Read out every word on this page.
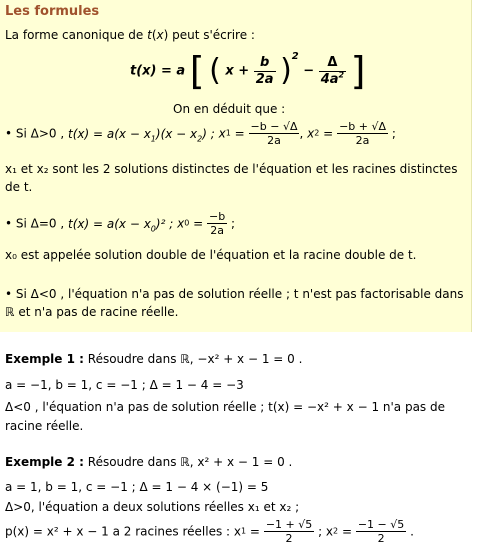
Les formules
La forme canonique de t(x) peut s'écrire :
t(x) = a [ ( $x + \frac{b}{2a} )^2 - \frac{\Delta}{4a^2}$ ]
On en déduit que :
• Si Δ>0 , $t(x) = a(x - x_1)(x - x_2)$ ; $x1 = \frac{-b - √\Delta}{2a}$ , $x2 = \frac{-b + √\Delta}{2a}$ ;
x₁ et x₂ sont les 2 solutions distinctes de l'équation et les racines distinctes de t.
• Si Δ=0 , $t(x) = a(x - x_0)^2$ ; $x0 = \frac{-b}{2a}$ ;
x₀ est appelée solution double de l'équation et la racine double de t.
• Si Δ<0 , l'équation n'a pas de solution réelle ; t n'est pas factorisable dans ℝ et n'a pas de racine réelle.
Exemple 1 : Résoudre dans ℝ, −x² + x − 1 = 0 .
a = −1, b = 1, c = −1 ; Δ = 1 − 4 = −3
Δ<0 , l'équation n'a pas de solution réelle ; t(x) = −x² + x − 1 n'a pas de racine réelle.
Exemple 2 : Résoudre dans ℝ, x² + x − 1 = 0 .
a = 1, b = 1, c = −1 ; Δ = 1 − 4 × (−1) = 5
Δ>0, l'équation a deux solutions réelles x₁ et x₂ ;
p(x) = x² + x − 1 a 2 racines réelles : $x1 = \frac{-1 + √5}{2}$ ; $x2 = \frac{-1 - √5}{2}$ .
